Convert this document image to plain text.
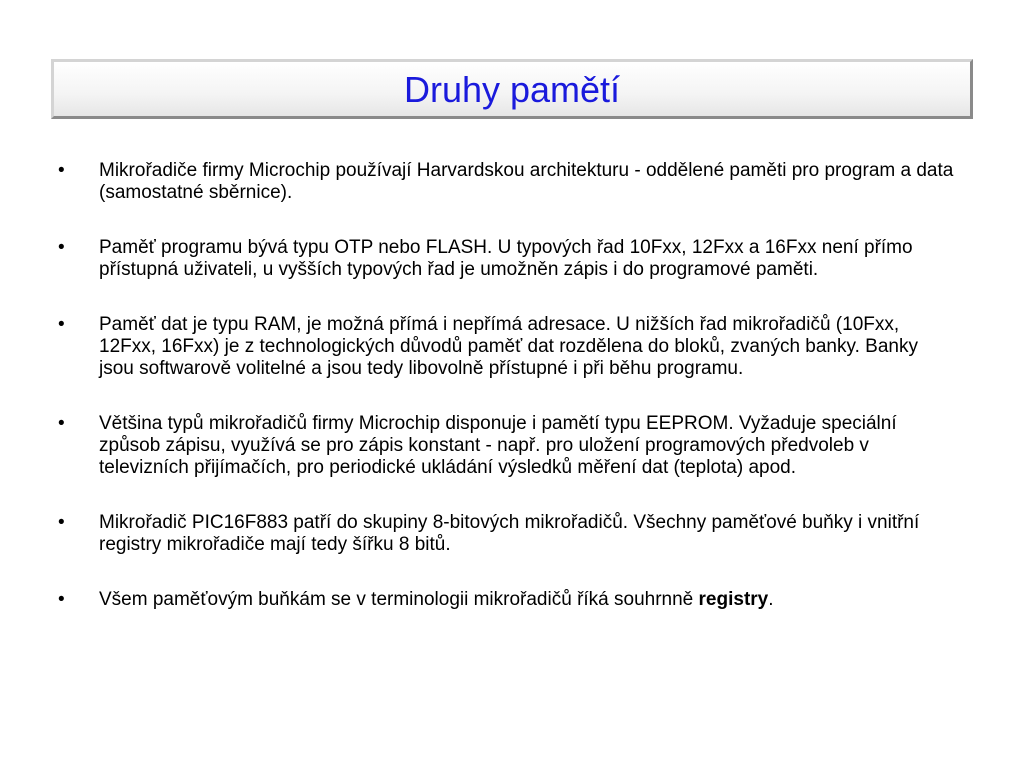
Druhy pamětí
•	Mikrořadiče firmy Microchip používají Harvardskou architekturu - oddělené paměti pro program a data (samostatné sběrnice).
•	Paměť programu bývá typu OTP nebo FLASH. U typových řad 10Fxx, 12Fxx a 16Fxx není přímo přístupná uživateli, u vyšších typových řad je umožněn zápis i do programové paměti.
•	Paměť dat je typu RAM, je možná přímá i nepřímá adresace. U nižších řad mikrořadičů (10Fxx, 12Fxx, 16Fxx) je z technologických důvodů paměť dat rozdělena do bloků, zvaných banky. Banky jsou softwarově volitelné a jsou tedy libovolně přístupné i při běhu programu.
•	Většina typů mikrořadičů firmy Microchip disponuje i pamětí typu EEPROM. Vyžaduje speciální způsob zápisu, využívá se pro zápis konstant - např. pro uložení programových předvoleb v televizních přijímačích, pro periodické ukládání výsledků měření dat (teplota) apod.
•	Mikrořadič PIC16F883 patří do skupiny 8-bitových mikrořadičů. Všechny paměťové buňky i vnitřní registry mikrořadiče mají tedy šířku 8 bitů.
•	Všem paměťovým buňkám se v terminologii mikrořadičů říká souhrnně registry.
